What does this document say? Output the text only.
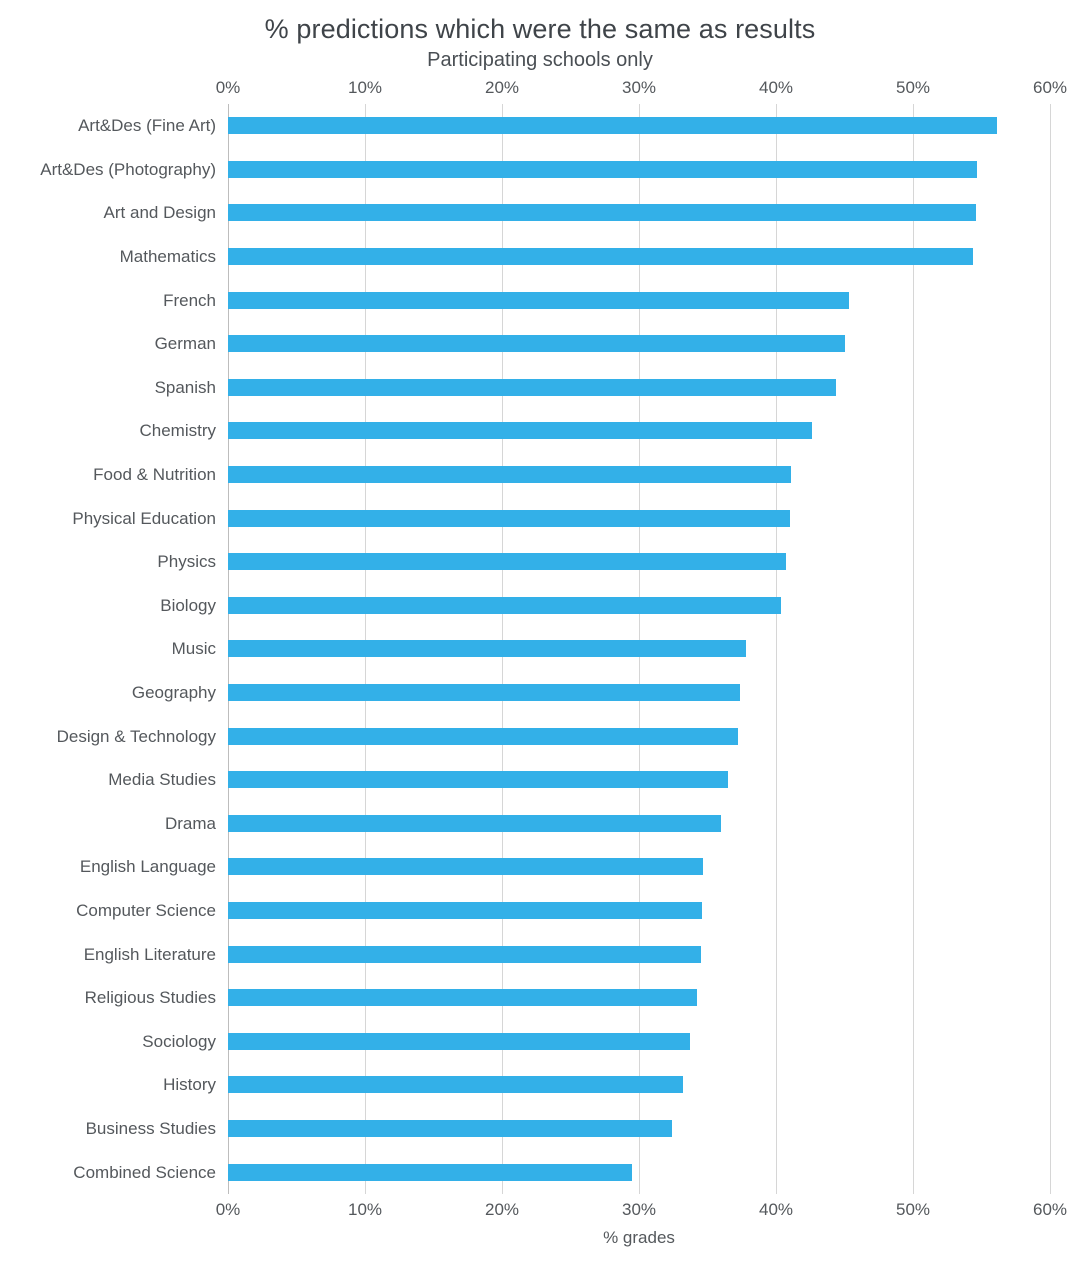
% predictions which were the same as results
Participating schools only
0%	10%	20%	30%	40%	50%	60%
Art&Des (Fine Art)
Art&Des (Photography)
Art and Design
Mathematics
French
German
Spanish
Chemistry
Food & Nutrition
Physical Education
Physics
Biology
Music
Geography
Design & Technology
Media Studies
Drama
English Language
Computer Science
English Literature
Religious Studies
Sociology
History
Business Studies
Combined Science
0%	10%	20%	30%	40%	50%	60%
% grades
